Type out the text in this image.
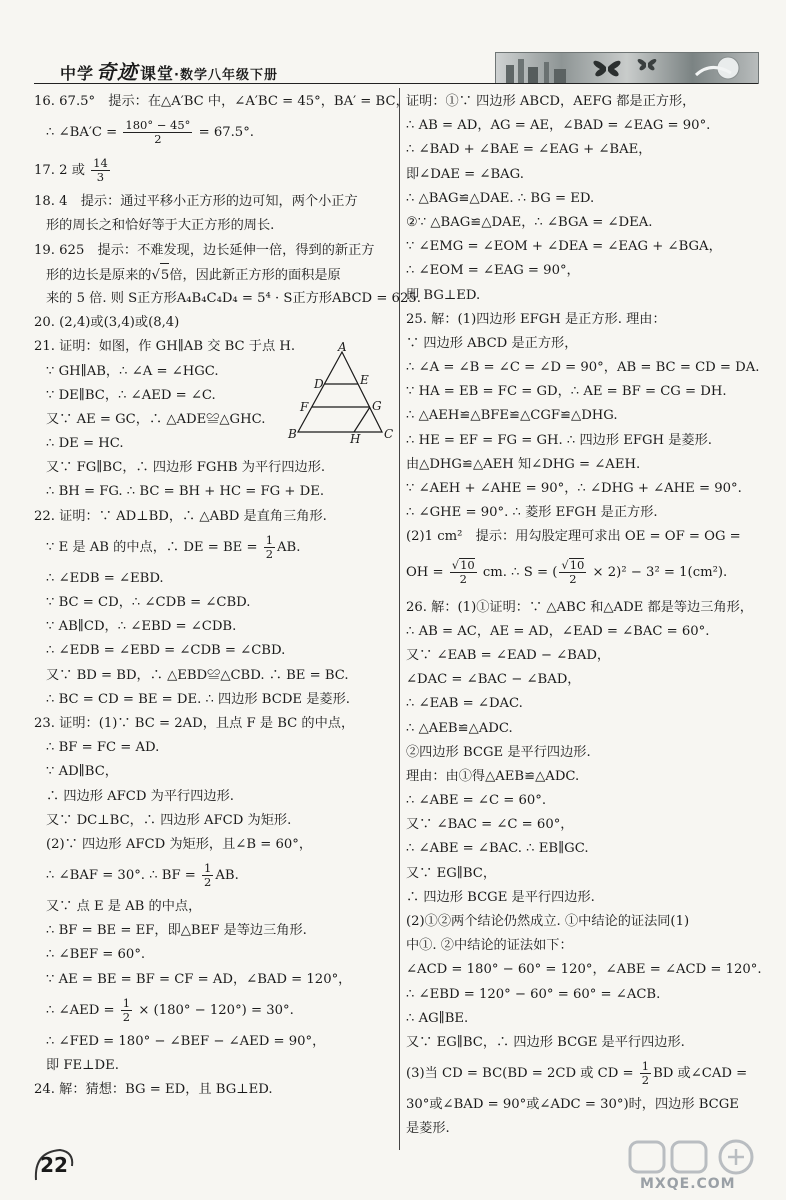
中学 奇迹 课堂·数学八年级下册
16. 67.5°　提示：在△A′BC 中，∠A′BC = 45°，BA′ = BC，
∴ ∠BA′C = $\frac{180^\circ - 45^\circ}{2} = 67.5^\circ$.
17. 2 或 $\frac{14}{3}$
18. 4　提示：通过平移小正方形的边可知，两个小正方
形的周长之和恰好等于大正方形的周长.
19. 625　提示：不难发现，边长延伸一倍，得到的新正方
形的边长是原来的√5倍，因此新正方形的面积是原
来的 5 倍. 则 S正方形A₄B₄C₄D₄ = 5⁴ · S正方形ABCD = 625.
20. (2,4)或(3,4)或(8,4)
21. 证明：如图，作 GH∥AB 交 BC 于点 H.
∵ GH∥AB，∴ ∠A = ∠HGC.
∵ DE∥BC，∴ ∠AED = ∠C.
又∵ AE = GC，∴ △ADE≌△GHC.
∴ DE = HC.
又∵ FG∥BC，∴ 四边形 FGHB 为平行四边形.
∴ BH = FG. ∴ BC = BH + HC = FG + DE.
22. 证明：∵ AD⊥BD，∴ △ABD 是直角三角形.
∵ E 是 AB 的中点，∴ DE = BE = $\frac{1}{2}$ AB.
∴ ∠EDB = ∠EBD.
∵ BC = CD，∴ ∠CDB = ∠CBD.
∵ AB∥CD，∴ ∠EBD = ∠CDB.
∴ ∠EDB = ∠EBD = ∠CDB = ∠CBD.
又∵ BD = BD，∴ △EBD≌△CBD. ∴ BE = BC.
∴ BC = CD = BE = DE. ∴ 四边形 BCDE 是菱形.
23. 证明：(1)∵ BC = 2AD，且点 F 是 BC 的中点，
∴ BF = FC = AD.
∵ AD∥BC，
∴ 四边形 AFCD 为平行四边形.
又∵ DC⊥BC，∴ 四边形 AFCD 为矩形.
(2)∵ 四边形 AFCD 为矩形，且∠B = 60°，
∴ ∠BAF = 30°. ∴ BF = $\frac{1}{2}$ AB.
又∵ 点 E 是 AB 的中点，
∴ BF = BE = EF，即△BEF 是等边三角形.
∴ ∠BEF = 60°.
∵ AE = BE = BF = CF = AD，∠BAD = 120°，
∴ ∠AED = $\frac{1}{2} \times (180^\circ - 120^\circ) = 30^\circ$.
∴ ∠FED = 180° − ∠BEF − ∠AED = 90°，
即 FE⊥DE.
24. 解：猜想：BG = ED，且 BG⊥ED.
A
D	E
F	G
B	H C
证明：①∵ 四边形 ABCD，AEFG 都是正方形，
∴ AB = AD，AG = AE，∠BAD = ∠EAG = 90°.
∴ ∠BAD + ∠BAE = ∠EAG + ∠BAE，
即∠DAE = ∠BAG.
∴ △BAG≌△DAE. ∴ BG = ED.
②∵ △BAG≌△DAE，∴ ∠BGA = ∠DEA.
∵ ∠EMG = ∠EOM + ∠DEA = ∠EAG + ∠BGA，
∴ ∠EOM = ∠EAG = 90°，
即 BG⊥ED.
25. 解：(1)四边形 EFGH 是正方形. 理由：
∵ 四边形 ABCD 是正方形，
∴ ∠A = ∠B = ∠C = ∠D = 90°，AB = BC = CD = DA.
∵ HA = EB = FC = GD，∴ AE = BF = CG = DH.
∴ △AEH≌△BFE≌△CGF≌△DHG.
∴ HE = EF = FG = GH. ∴ 四边形 EFGH 是菱形.
由△DHG≌△AEH 知∠DHG = ∠AEH.
∵ ∠AEH + ∠AHE = 90°，∴ ∠DHG + ∠AHE = 90°.
∴ ∠GHE = 90°. ∴ 菱形 EFGH 是正方形.
(2)1 cm²　提示：用勾股定理可求出 OE = OF = OG =
OH = $\frac{√10}{2}$ cm. ∴ S = ( $\frac{√10}{2} \times 2)^2 - 3^2 = 1(cm^2)$.
26. 解：(1)①证明：∵ △ABC 和△ADE 都是等边三角形，
∴ AB = AC，AE = AD，∠EAD = ∠BAC = 60°.
又∵ ∠EAB = ∠EAD − ∠BAD，
∠DAC = ∠BAC − ∠BAD，
∴ ∠EAB = ∠DAC.
∴ △AEB≌△ADC.
②四边形 BCGE 是平行四边形.
理由：由①得△AEB≌△ADC.
∴ ∠ABE = ∠C = 60°.
又∵ ∠BAC = ∠C = 60°，
∴ ∠ABE = ∠BAC. ∴ EB∥GC.
又∵ EG∥BC，
∴ 四边形 BCGE 是平行四边形.
(2)①②两个结论仍然成立. ①中结论的证法同(1)
中①. ②中结论的证法如下：
∠ACD = 180° − 60° = 120°，∠ABE = ∠ACD = 120°.
∴ ∠EBD = 120° − 60° = 60° = ∠ACB.
∴ AG∥BE.
又∵ EG∥BC，∴ 四边形 BCGE 是平行四边形.
(3)当 CD = BC(BD = 2CD 或 CD = $\frac{1}{2}$ BD 或∠CAD =
30°或∠BAD = 90°或∠ADC = 30°)时，四边形 BCGE
是菱形.
22
MXQE.COM
